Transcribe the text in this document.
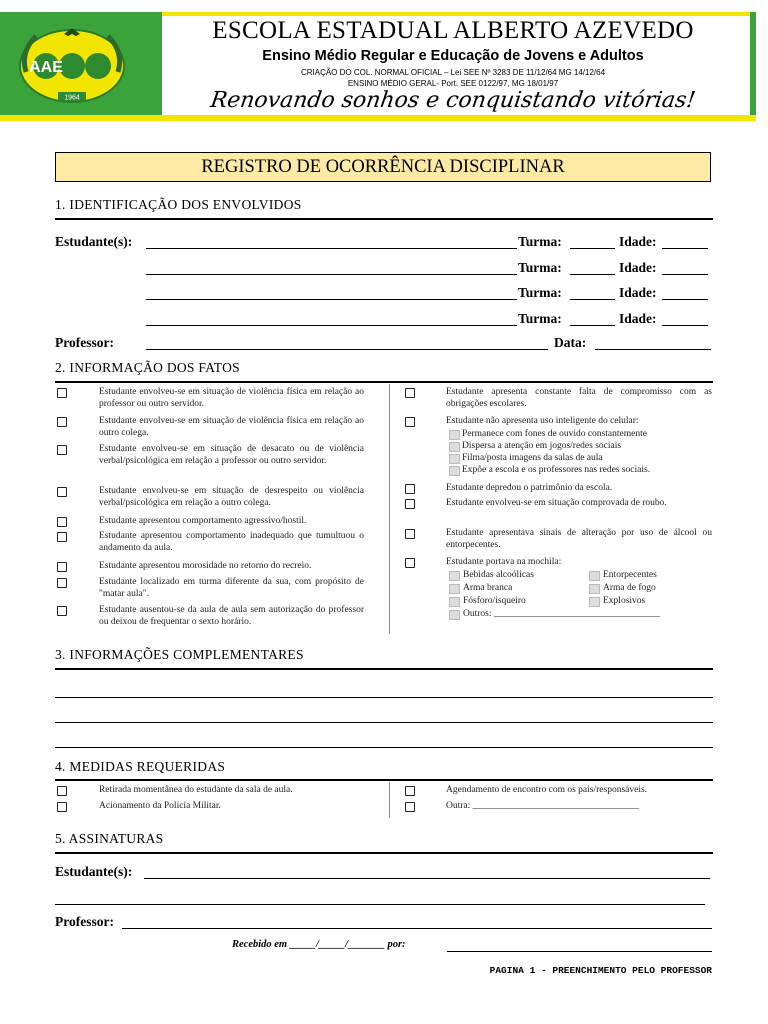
AAE
1964
ESCOLA ESTADUAL ALBERTO AZEVEDO
Ensino Médio Regular e Educação de Jovens e Adultos
CRIAÇÃO DO COL. NORMAL OFICIAL – Lei SEE Nº 3283 DE 11/12/64 MG 14/12/64
ENSINO MÉDIO GERAL- Port. SEE 0122/97, MG 18/01/97
Renovando sonhos e conquistando vitórias!
REGISTRO DE OCORRÊNCIA DISCIPLINAR
1. IDENTIFICAÇÃO DOS ENVOLVIDOS
Estudante(s):	Turma:	Idade:
Turma:	Idade:
Turma:	Idade:
Turma:	Idade:
Professor:	Data:
2. INFORMAÇÃO DOS FATOS
Estudante envolveu-se em situação de violência física em relação ao professor ou outro servidor.
Estudante envolveu-se em situação de violência física em relação ao outro colega.
Estudante envolveu-se em situação de desacato ou de violência verbal/psicológica em relação a professor ou outro servidor.
Estudante envolveu-se em situação de desrespeito ou violência verbal/psicológica em relação a outro colega.
Estudante apresentou comportamento agressivo/hostil.
Estudante apresentou comportamento inadequado que tumultuou o andamento da aula.
Estudante apresentou morosidade no retorno do recreio.
Estudante localizado em turma diferente da sua, com propósito de "matar aula".
Estudante ausentou-se da aula de aula sem autorização do professor ou deixou de frequentar o sexto horário.
Estudante apresenta constante falta de compromisso com as obrigações escolares.
Estudante não apresenta uso inteligente do celular:
Estudante depredou o patrimônio da escola.
Estudante envolveu-se em situação comprovada de roubo.
Estudante apresentava sinais de alteração por uso de álcool ou entorpecentes.
Estudante portava na mochila:
Permanece com fones de ouvido constantemente
Dispersa a atenção em jogos/redes sociais
Filma/posta imagens da salas de aula
Expõe a escola e os professores nas redes sociais.
Bebidas alcoólicas	Entorpecentes
Arma branca	Arma de fogo
Fósforo/isqueiro	Explosivos
Outros: ___________________________________
3. INFORMAÇÕES COMPLEMENTARES
4. MEDIDAS REQUERIDAS
Retirada momentânea do estudante da sala de aula.
Acionamento da Polícia Militar.
Agendamento de encontro com os pais/responsáveis.
Outra: ___________________________________
5. ASSINATURAS
Estudante(s):
Professor:
Recebido em _____/_____/_______ por:
PAGINA 1 - PREENCHIMENTO PELO PROFESSOR
